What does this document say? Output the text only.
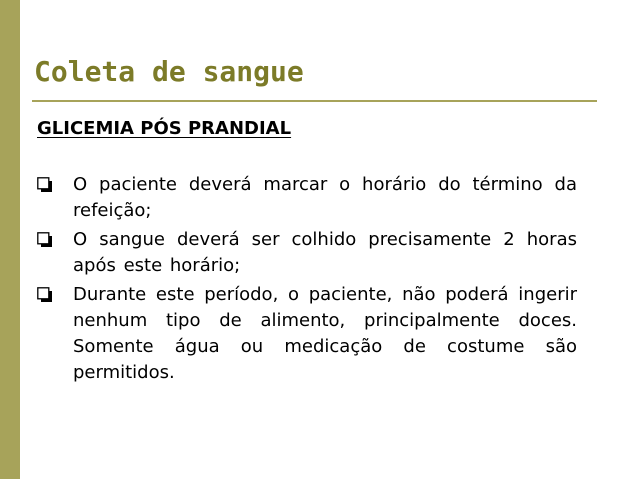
Coleta de sangue
GLICEMIA PÓS PRANDIAL
O paciente deverá marcar o horário do término da refeição;
O sangue deverá ser colhido precisamente 2 horas após este horário;
Durante este período, o paciente, não poderá ingerir nenhum tipo de alimento, principalmente doces. Somente água ou medicação de costume são permitidos.
